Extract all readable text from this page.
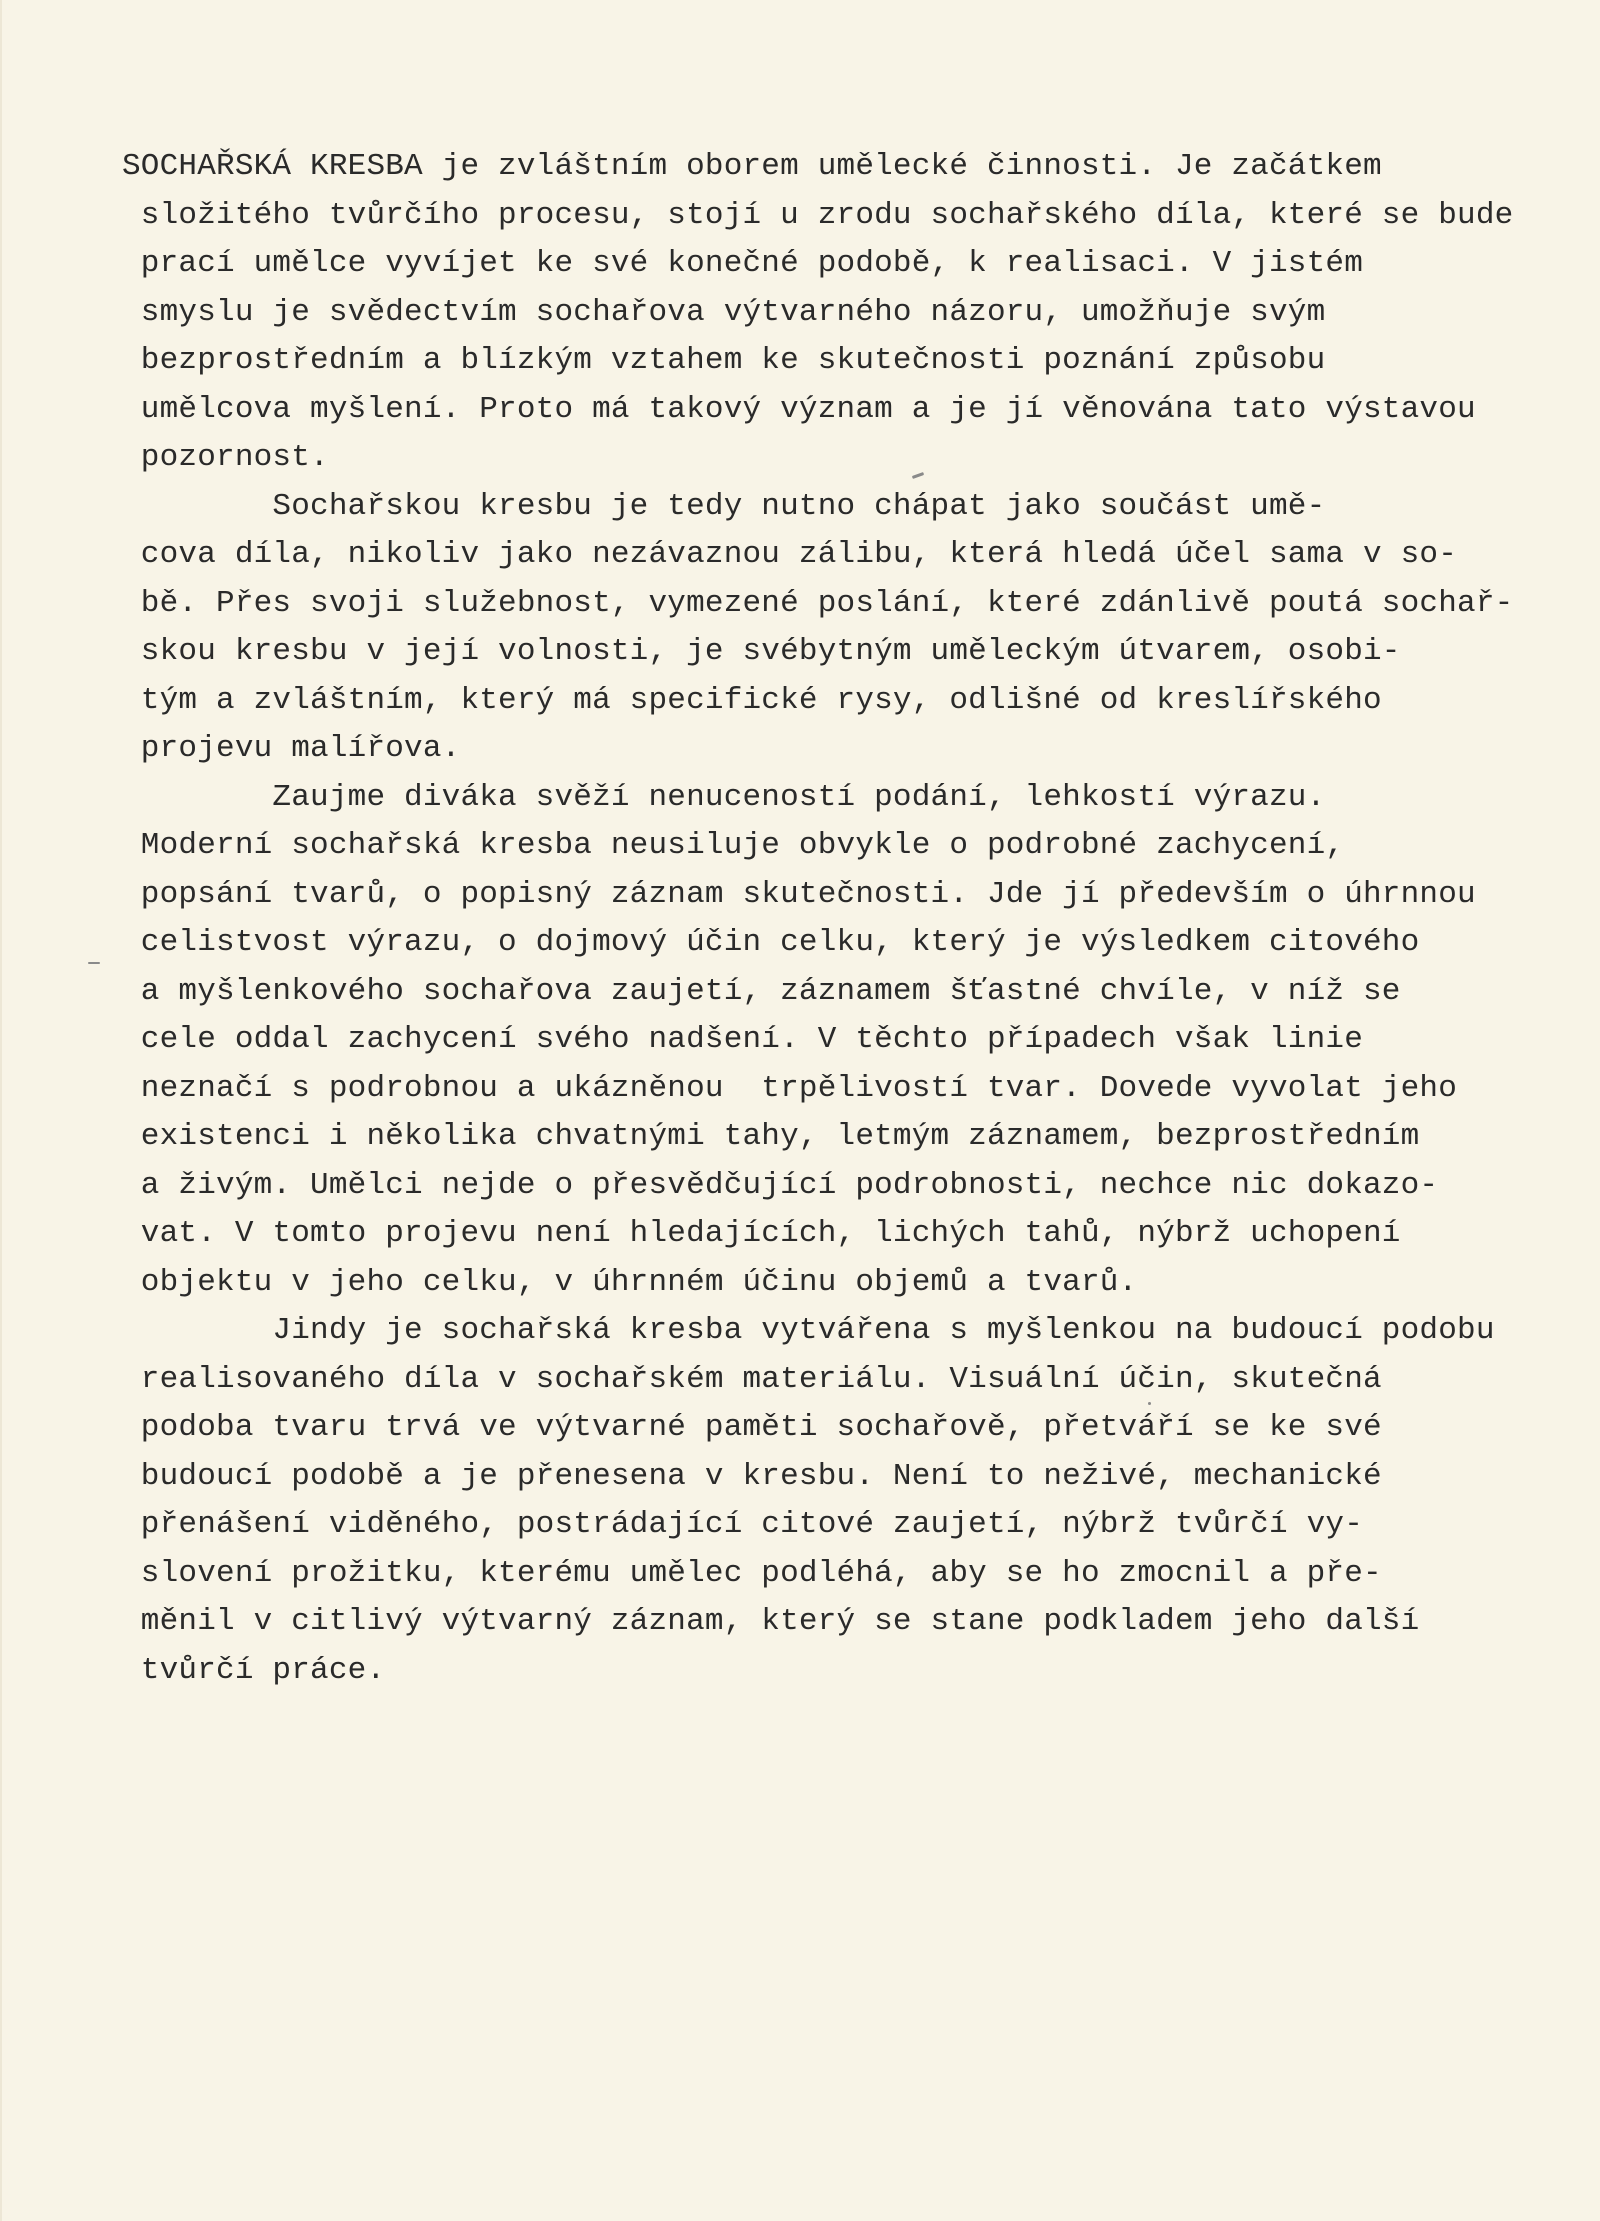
SOCHAŘSKÁ KRESBA je zvláštním oborem umělecké činnosti. Je začátkem
složitého tvůrčího procesu, stojí u zrodu sochařského díla, které se bude
prací umělce vyvíjet ke své konečné podobě, k realisaci. V jistém
smyslu je svědectvím sochařova výtvarného názoru, umožňuje svým
bezprostředním a blízkým vztahem ke skutečnosti poznání způsobu
umělcova myšlení. Proto má takový význam a je jí věnována tato výstavou
pozornost.
Sochařskou kresbu je tedy nutno chápat jako součást umě-
cova díla, nikoliv jako nezávaznou zálibu, která hledá účel sama v so-
bě. Přes svoji služebnost, vymezené poslání, které zdánlivě poutá sochař-
skou kresbu v její volnosti, je svébytným uměleckým útvarem, osobi-
tým a zvláštním, který má specifické rysy, odlišné od kreslířského
projevu malířova.
Zaujme diváka svěží nenuceností podání, lehkostí výrazu.
Moderní sochařská kresba neusiluje obvykle o podrobné zachycení,
popsání tvarů, o popisný záznam skutečnosti. Jde jí především o úhrnnou
celistvost výrazu, o dojmový účin celku, který je výsledkem citového
a myšlenkového sochařova zaujetí, záznamem šťastné chvíle, v níž se
cele oddal zachycení svého nadšení. V těchto případech však linie
neznačí s podrobnou a ukázněnou  trpělivostí tvar. Dovede vyvolat jeho
existenci i několika chvatnými tahy, letmým záznamem, bezprostředním
a živým. Umělci nejde o přesvědčující podrobnosti, nechce nic dokazo-
vat. V tomto projevu není hledajících, lichých tahů, nýbrž uchopení
objektu v jeho celku, v úhrnném účinu objemů a tvarů.
Jindy je sochařská kresba vytvářena s myšlenkou na budoucí podobu
realisovaného díla v sochařském materiálu. Visuální účin, skutečná
podoba tvaru trvá ve výtvarné paměti sochařově, přetváří se ke své
budoucí podobě a je přenesena v kresbu. Není to neživé, mechanické
přenášení viděného, postrádající citové zaujetí, nýbrž tvůrčí vy-
slovení prožitku, kterému umělec podléhá, aby se ho zmocnil a pře-
měnil v citlivý výtvarný záznam, který se stane podkladem jeho další
tvůrčí práce.
